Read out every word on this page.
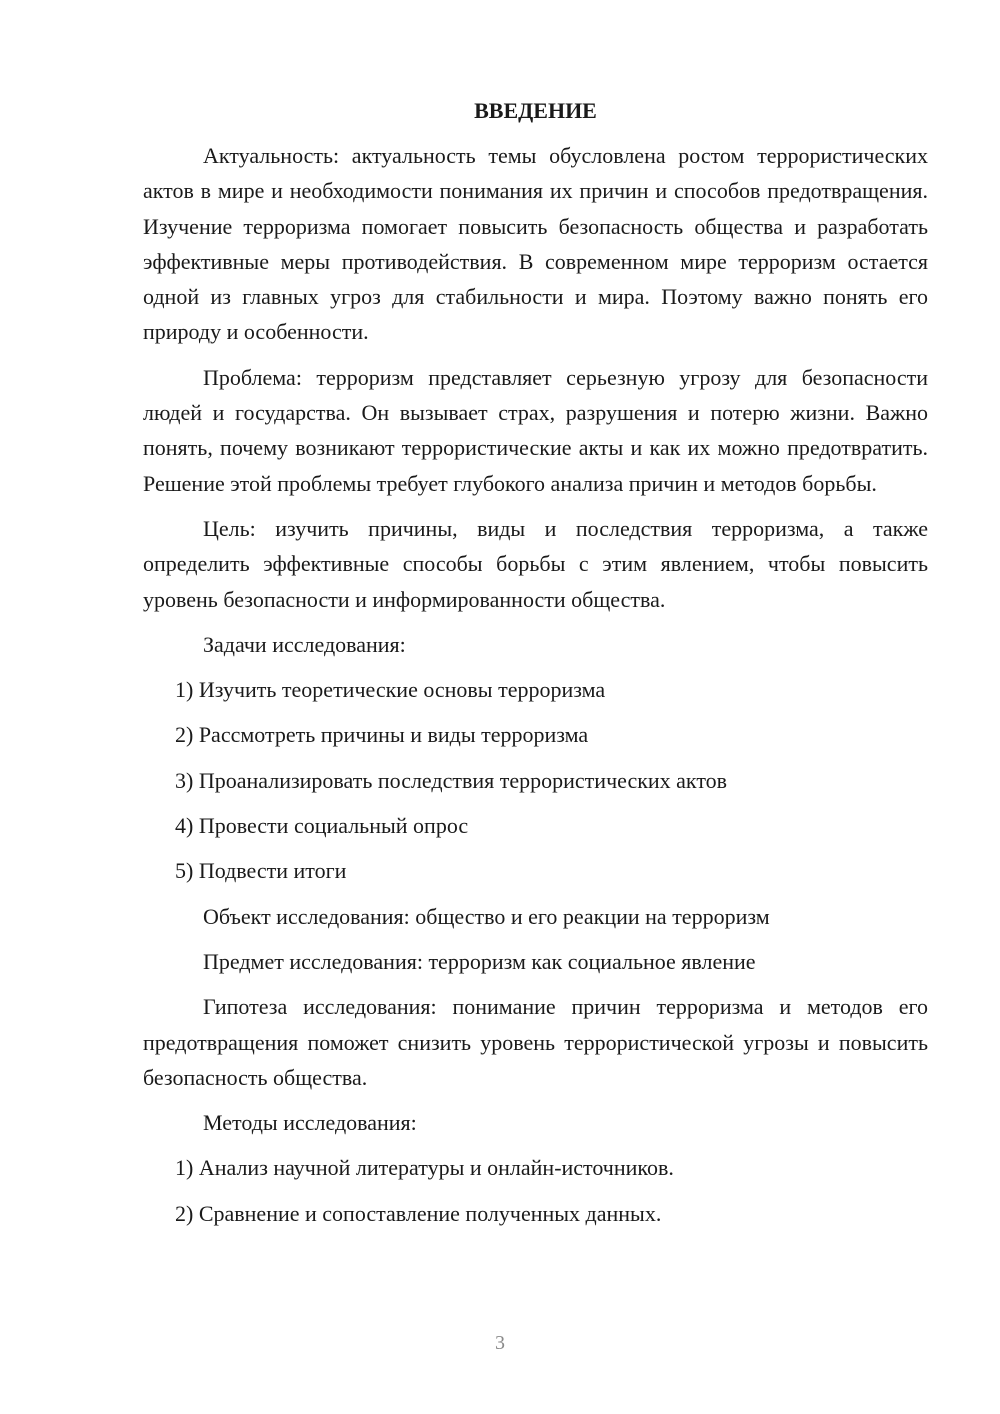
ВВЕДЕНИЕ
Актуальность: актуальность темы обусловлена ростом террористических актов в мире и необходимости понимания их причин и способов предотвращения. Изучение терроризма помогает повысить безопасность общества и разработать эффективные меры противодействия. В современном мире терроризм остается одной из главных угроз для стабильности и мира. Поэтому важно понять его природу и особенности.
Проблема: терроризм представляет серьезную угрозу для безопасности людей и государства. Он вызывает страх, разрушения и потерю жизни. Важно понять, почему возникают террористические акты и как их можно предотвратить. Решение этой проблемы требует глубокого анализа причин и методов борьбы.
Цель: изучить причины, виды и последствия терроризма, а также определить эффективные способы борьбы с этим явлением, чтобы повысить уровень безопасности и информированности общества.
Задачи исследования:
1) Изучить теоретические основы терроризма
2) Рассмотреть причины и виды терроризма
3) Проанализировать последствия террористических актов
4) Провести социальный опрос
5) Подвести итоги
Объект исследования: общество и его реакции на терроризм
Предмет исследования: терроризм как социальное явление
Гипотеза исследования: понимание причин терроризма и методов его предотвращения поможет снизить уровень террористической угрозы и повысить безопасность общества.
Методы исследования:
1) Анализ научной литературы и онлайн-источников.
2) Сравнение и сопоставление полученных данных.
3
